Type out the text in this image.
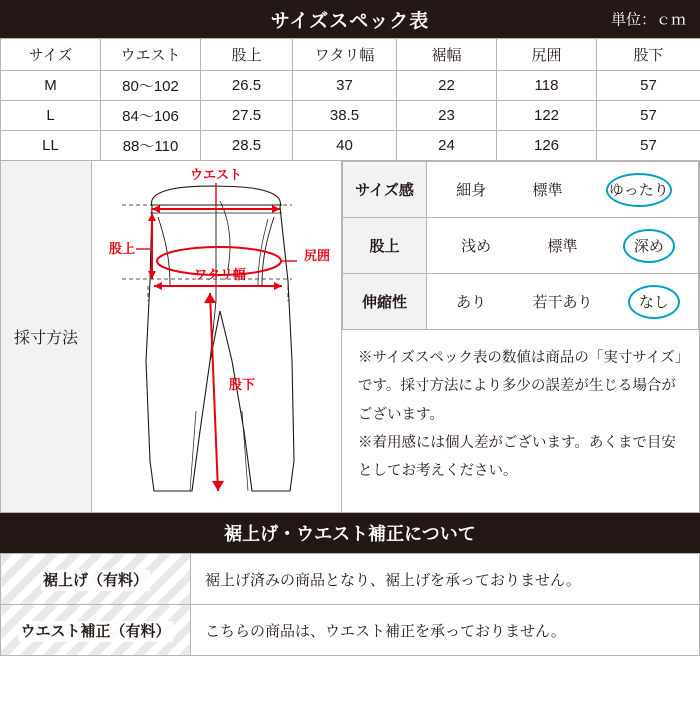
サイズスペック表	単位：ｃｍ
サイズ	ウエスト	股上	ワタリ幅	裾幅	尻囲	股下
M	80〜102	26.5	37	22	118	57
L	84〜106	27.5	38.5	23	122	57
LL	88〜110	28.5	40	24	126	57
採寸方法
ウエスト
尻囲
股上
ワタリ幅
股下
サイズ感	細身 標準 ゆったり

股上	浅め 標準 深め

伸縮性	あり 若干あり なし

※サイズスペック表の数値は商品の「実寸サイズ」です。採寸方法により多少の誤差が生じる場合がございます。

※着用感には個人差がございます。あくまで目安としてお考えください。

裾上げ・ウエスト補正について
裾上げ（有料）	裾上げ済みの商品となり、裾上げを承っておりません。
ウエスト補正（有料）	こちらの商品は、ウエスト補正を承っておりません。
